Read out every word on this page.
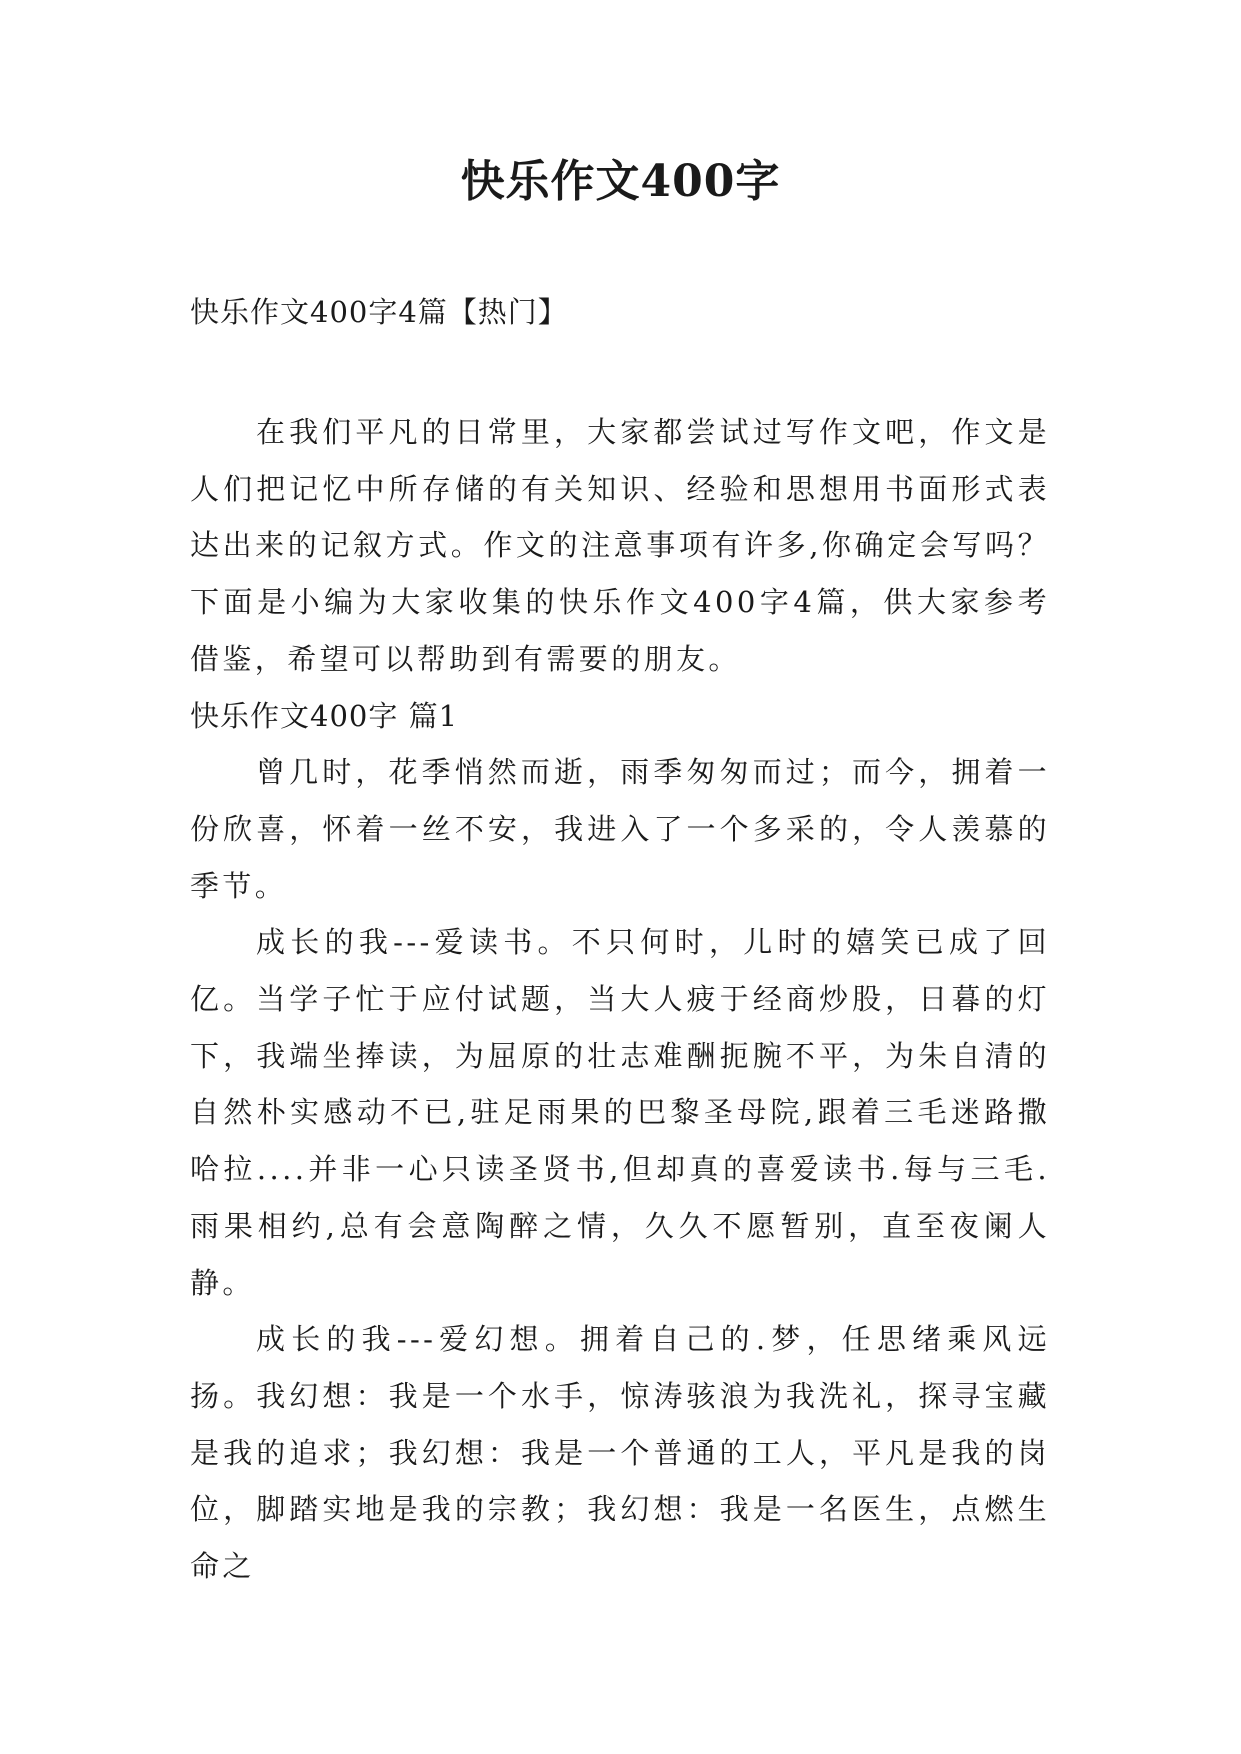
快乐作文400字

快乐作文400字4篇【热门】

在我们平凡的日常里，大家都尝试过写作文吧，作文是人们把记忆中所存储的有关知识、经验和思想用书面形式表达出来的记叙方式。作文的注意事项有许多,你确定会写吗？下面是小编为大家收集的快乐作文400字4篇，供大家参考借鉴，希望可以帮助到有需要的朋友。

快乐作文400字 篇1

曾几时，花季悄然而逝，雨季匆匆而过；而今，拥着一份欣喜，怀着一丝不安，我进入了一个多采的，令人羡慕的季节。

成长的我---爱读书。不只何时，儿时的嬉笑已成了回亿。当学子忙于应付试题，当大人疲于经商炒股，日暮的灯下，我端坐捧读，为屈原的壮志难酬扼腕不平，为朱自清的自然朴实感动不已,驻足雨果的巴黎圣母院,跟着三毛迷路撒哈拉....并非一心只读圣贤书,但却真的喜爱读书.每与三毛.雨果相约,总有会意陶醉之情，久久不愿暂别，直至夜阑人静。

成长的我---爱幻想。拥着自己的.梦，任思绪乘风远扬。我幻想：我是一个水手，惊涛骇浪为我洗礼，探寻宝藏是我的追求；我幻想：我是一个普通的工人，平凡是我的岗位，脚踏实地是我的宗教；我幻想：我是一名医生，点燃生命之
